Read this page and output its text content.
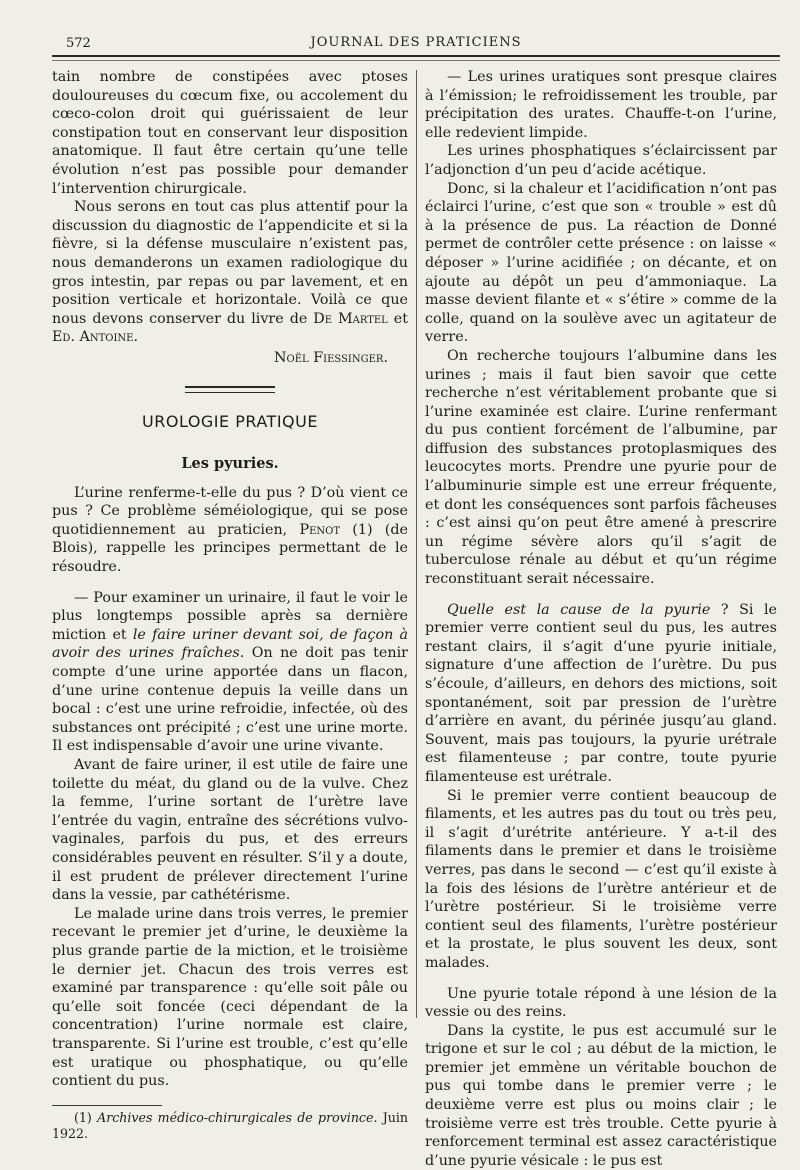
572	JOURNAL DES PRATICIENS

tain nombre de constipées avec ptoses douloureuses du cœcum fixe, ou accolement du cœco-colon droit qui guérissaient de leur constipation tout en conservant leur disposition anatomique. Il faut être certain qu’une telle évolution n’est pas possible pour demander l’intervention chirurgicale.

Nous serons en tout cas plus attentif pour la discussion du diagnostic de l’appendicite et si la fièvre, si la défense musculaire n’existent pas, nous demanderons un examen radiologique du gros intestin, par repas ou par lavement, et en position verticale et horizontale. Voilà ce que nous devons conserver du livre de De Martel et Ed. Antoine.

Noël Fiessinger.

UROLOGIE PRATIQUE
Les pyuries.

L’urine renferme-t-elle du pus ? D’où vient ce pus ? Ce problème séméiologique, qui se pose quotidiennement au praticien, Penot (1) (de Blois), rappelle les principes permettant de le résoudre.

— Pour examiner un urinaire, il faut le voir le plus longtemps possible après sa dernière miction et le faire uriner devant soi, de façon à avoir des urines fraîches. On ne doit pas tenir compte d’une urine apportée dans un flacon, d’une urine contenue depuis la veille dans un bocal : c’est une urine refroidie, infectée, où des substances ont précipité ; c’est une urine morte. Il est indispensable d’avoir une urine vivante.

Avant de faire uriner, il est utile de faire une toilette du méat, du gland ou de la vulve. Chez la femme, l’urine sortant de l’urètre lave l’entrée du vagin, entraîne des sécrétions vulvo-vaginales, parfois du pus, et des erreurs considérables peuvent en résulter. S’il y a doute, il est prudent de prélever directement l’urine dans la vessie, par cathétérisme.

Le malade urine dans trois verres, le premier recevant le premier jet d’urine, le deuxième la plus grande partie de la miction, et le troisième le dernier jet. Chacun des trois verres est examiné par transparence : qu’elle soit pâle ou qu’elle soit foncée (ceci dépendant de la concentration) l’urine normale est claire, transparente. Si l’urine est trouble, c’est qu’elle est uratique ou phosphatique, ou qu’elle contient du pus.

(1) Archives médico-chirurgicales de province. Juin 1922.

— Les urines uratiques sont presque claires à l’émission; le refroidissement les trouble, par précipitation des urates. Chauffe-t-on l’urine, elle redevient limpide.

Les urines phosphatiques s’éclaircissent par l’adjonction d’un peu d’acide acétique.

Donc, si la chaleur et l’acidification n’ont pas éclairci l’urine, c’est que son « trouble » est dû à la présence de pus. La réaction de Donné permet de contrôler cette présence : on laisse « déposer » l’urine acidifiée ; on décante, et on ajoute au dépôt un peu d’ammoniaque. La masse devient filante et « s’étire » comme de la colle, quand on la soulève avec un agitateur de verre.

On recherche toujours l’albumine dans les urines ; mais il faut bien savoir que cette recherche n’est véritablement probante que si l’urine examinée est claire. L’urine renfermant du pus contient forcément de l’albumine, par diffusion des substances protoplasmiques des leucocytes morts. Prendre une pyurie pour de l’albuminurie simple est une erreur fréquente, et dont les conséquences sont parfois fâcheuses : c’est ainsi qu’on peut être amené à prescrire un régime sévère alors qu’il s’agit de tuberculose rénale au début et qu’un régime reconstituant serait nécessaire.

Quelle est la cause de la pyurie ? Si le premier verre contient seul du pus, les autres restant clairs, il s’agit d’une pyurie initiale, signature d’une affection de l’urètre. Du pus s’écoule, d’ailleurs, en dehors des mictions, soit spontanément, soit par pression de l’urètre d’arrière en avant, du périnée jusqu’au gland. Souvent, mais pas toujours, la pyurie urétrale est filamenteuse ; par contre, toute pyurie filamenteuse est urétrale.

Si le premier verre contient beaucoup de filaments, et les autres pas du tout ou très peu, il s’agit d’urétrite antérieure. Y a-t-il des filaments dans le premier et dans le troisième verres, pas dans le second — c’est qu’il existe à la fois des lésions de l’urètre antérieur et de l’urètre postérieur. Si le troisième verre contient seul des filaments, l’urètre postérieur et la prostate, le plus souvent les deux, sont malades.

Une pyurie totale répond à une lésion de la vessie ou des reins.

Dans la cystite, le pus est accumulé sur le trigone et sur le col ; au début de la miction, le premier jet emmène un véritable bouchon de pus qui tombe dans le premier verre ; le deuxième verre est plus ou moins clair ; le troisième verre est très trouble. Cette pyurie à renforcement terminal est assez caractéristique d’une pyurie vésicale : le pus est
